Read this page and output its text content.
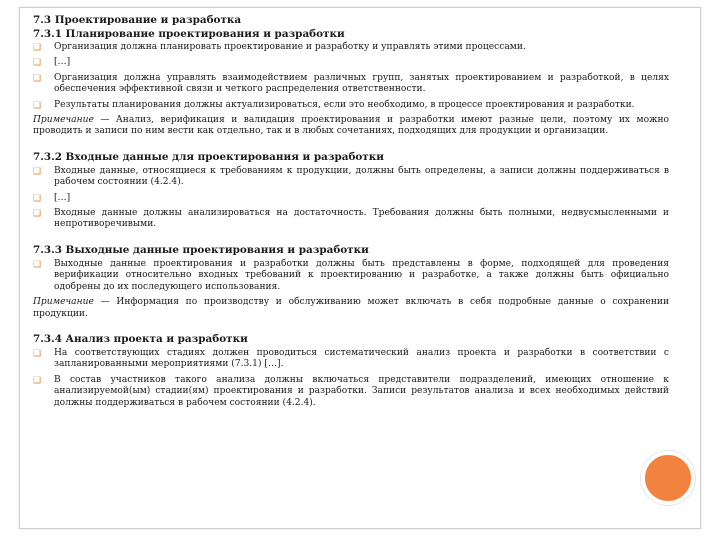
7.3 Проектирование и разработка
7.3.1 Планирование проектирования и разработки
❑ Организация должна планировать проектирование и разработку и управлять этими процессами.
❑ […]
❑ Организация должна управлять взаимодействием различных групп, занятых проектированием и разработкой, в целях обеспечения эффективной связи и четкого распределения ответственности.
❑ Результаты планирования должны актуализироваться, если это необходимо, в процессе проектирования и разработки.
Примечание — Анализ, верификация и валидация проектирования и разработки имеют разные цели, поэтому их можно проводить и записи по ним вести как отдельно, так и в любых сочетаниях, подходящих для продукции и организации.
7.3.2 Входные данные для проектирования и разработки
❑ Входные данные, относящиеся к требованиям к продукции, должны быть определены, а записи должны поддерживаться в рабочем состоянии (4.2.4).
❑ […]
❑ Входные данные должны анализироваться на достаточность. Требования должны быть полными, недвусмысленными и непротиворечивыми.
7.3.3 Выходные данные проектирования и разработки
❑ Выходные данные проектирования и разработки должны быть представлены в форме, подходящей для проведения верификации относительно входных требований к проектированию и разработке, а также должны быть официально одобрены до их последующего использования.
Примечание — Информация по производству и обслуживанию может включать в себя подробные данные о сохранении продукции.
7.3.4 Анализ проекта и разработки
❑ На соответствующих стадиях должен проводиться систематический анализ проекта и разработки в соответствии с запланированными мероприятиями (7.3.1) […].
❑ В состав участников такого анализа должны включаться представители подразделений, имеющих отношение к анализируемой(ым) стадии(ям) проектирования и разработки. Записи результатов анализа и всех необходимых действий должны поддерживаться в рабочем состоянии (4.2.4).
